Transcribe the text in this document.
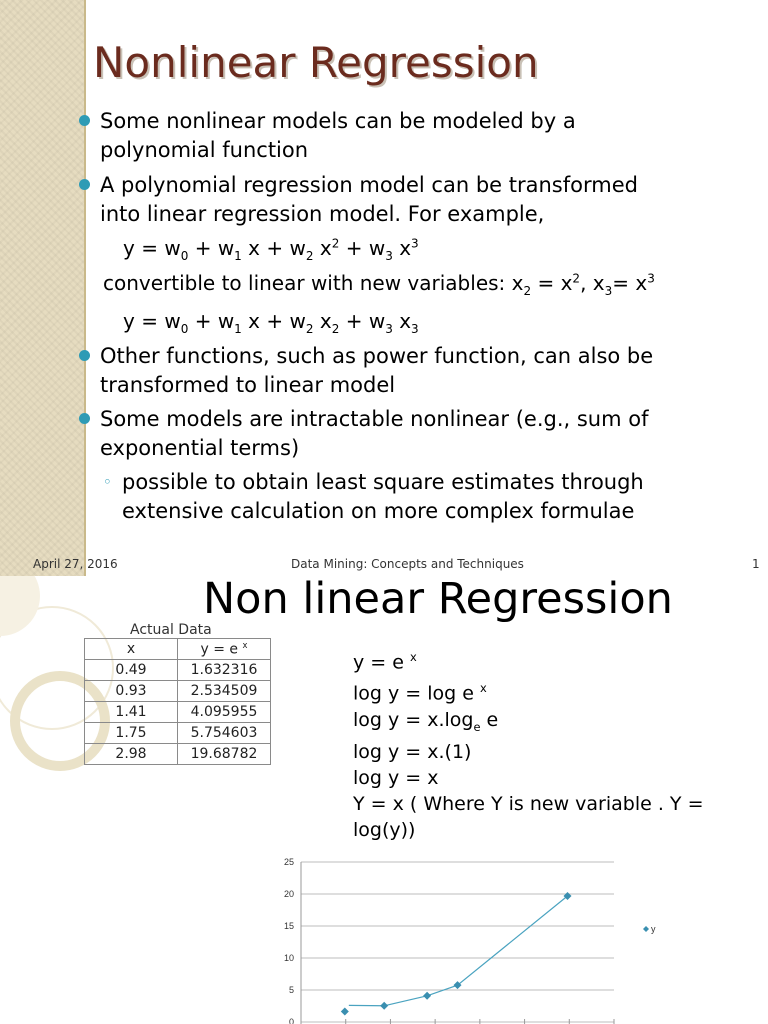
Nonlinear Regression
Some nonlinear models can be modeled by a
polynomial function
A polynomial regression model can be transformed
into linear regression model. For example,
$y = w_0 + w_1$ $x + w_2$ $x^2 + w_3$ $x^3$
convertible to linear with new variables: $x_2 = x^2$, $x_3= x^3$
$y = w_0 + w_1$ $x + w_2$ $x_2 + w_3$ $x_3$
Other functions, such as power function, can also be
transformed to linear model
Some models are intractable nonlinear (e.g., sum of
exponential terms)
◦ possible to obtain least square estimates through
extensive calculation on more complex formulae
April 27, 2016	Data Mining: Concepts and Techniques	1
Non linear Regression
Actual Data
x	y = e $^x$
0.49	1.632316
0.93	2.534509
1.41	4.095955
1.75	5.754603
2.98	19.68782
y = e $^x$
log y = log e $^x$
$\log y = x.\log_e$ e
log y = x.(1)
log y = x
Y = x ( Where Y is new variable . Y =
log(y))
25
20
15
10
5
0
y
